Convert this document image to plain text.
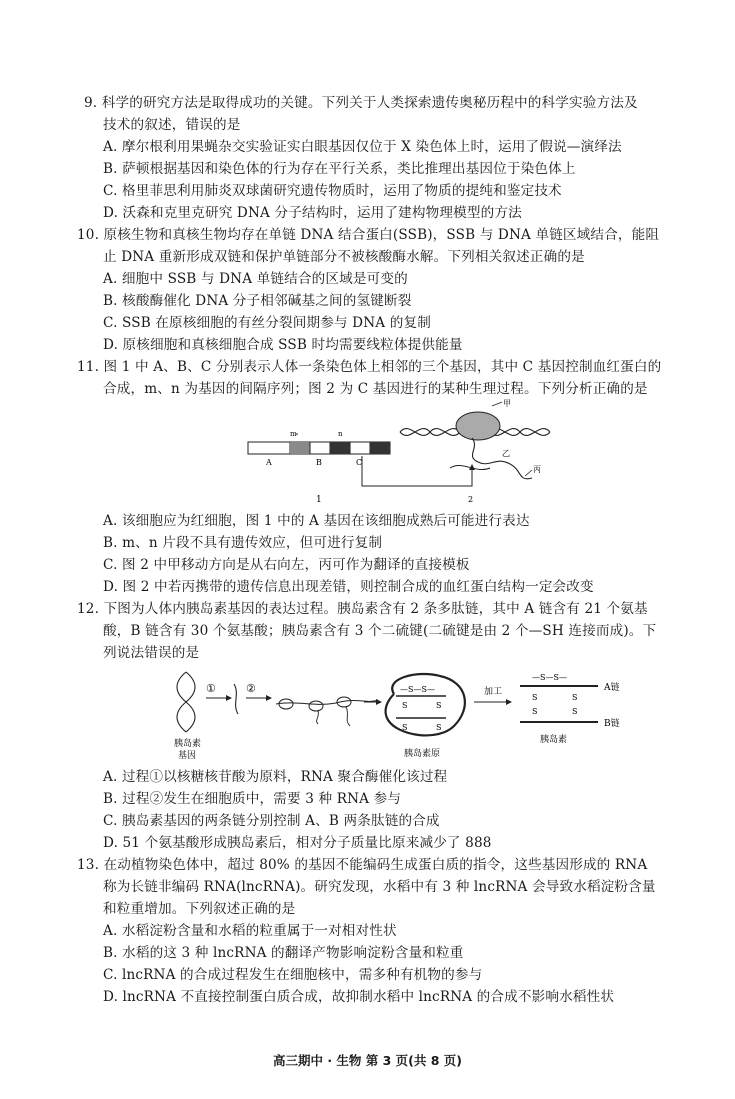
9. 科学的研究方法是取得成功的关键。下列关于人类探索遗传奥秘历程中的科学实验方法及
技术的叙述，错误的是
A. 摩尔根利用果蝇杂交实验证实白眼基因仅位于 X 染色体上时，运用了假说—演绎法
B. 萨顿根据基因和染色体的行为存在平行关系，类比推理出基因位于染色体上
C. 格里菲思利用肺炎双球菌研究遗传物质时，运用了物质的提纯和鉴定技术
D. 沃森和克里克研究 DNA 分子结构时，运用了建构物理模型的方法
10. 原核生物和真核生物均存在单链 DNA 结合蛋白(SSB)，SSB 与 DNA 单链区域结合，能阻
止 DNA 重新形成双链和保护单链部分不被核酸酶水解。下列相关叙述正确的是
A. 细胞中 SSB 与 DNA 单链结合的区域是可变的
B. 核酸酶催化 DNA 分子相邻碱基之间的氢键断裂
C. SSB 在原核细胞的有丝分裂间期参与 DNA 的复制
D. 原核细胞和真核细胞合成 SSB 时均需要线粒体提供能量
11. 图 1 中 A、B、C 分别表示人体一条染色体上相邻的三个基因，其中 C 基因控制血红蛋白的
合成，m、n 为基因的间隔序列；图 2 为 C 基因进行的某种生理过程。下列分析正确的是
m	n
A	B	C
1
甲
乙
丙
2
A. 该细胞应为红细胞，图 1 中的 A 基因在该细胞成熟后可能进行表达
B. m、n 片段不具有遗传效应，但可进行复制
C. 图 2 中甲移动方向是从右向左，丙可作为翻译的直接模板
D. 图 2 中若丙携带的遗传信息出现差错，则控制合成的血红蛋白结构一定会改变
12. 下图为人体内胰岛素基因的表达过程。胰岛素含有 2 条多肽链，其中 A 链含有 21 个氨基
酸，B 链含有 30 个氨基酸；胰岛素含有 3 个二硫键(二硫键是由 2 个—SH 连接而成)。下
列说法错误的是
胰岛素
基因
①	②	—S—S—
S	S
S	S
胰岛素原
加工
—S—S—
S
S
S
S
A链
B链
胰岛素
A. 过程①以核糖核苷酸为原料，RNA 聚合酶催化该过程
B. 过程②发生在细胞质中，需要 3 种 RNA 参与
C. 胰岛素基因的两条链分别控制 A、B 两条肽链的合成
D. 51 个氨基酸形成胰岛素后，相对分子质量比原来减少了 888
13. 在动植物染色体中，超过 80% 的基因不能编码生成蛋白质的指令，这些基因形成的 RNA
称为长链非编码 RNA(lncRNA)。研究发现，水稻中有 3 种 lncRNA 会导致水稻淀粉含量
和粒重增加。下列叙述正确的是
A. 水稻淀粉含量和水稻的粒重属于一对相对性状
B. 水稻的这 3 种 lncRNA 的翻译产物影响淀粉含量和粒重
C. lncRNA 的合成过程发生在细胞核中，需多种有机物的参与
D. lncRNA 不直接控制蛋白质合成，故抑制水稻中 lncRNA 的合成不影响水稻性状
高三期中 · 生物 第 3 页(共 8 页)
